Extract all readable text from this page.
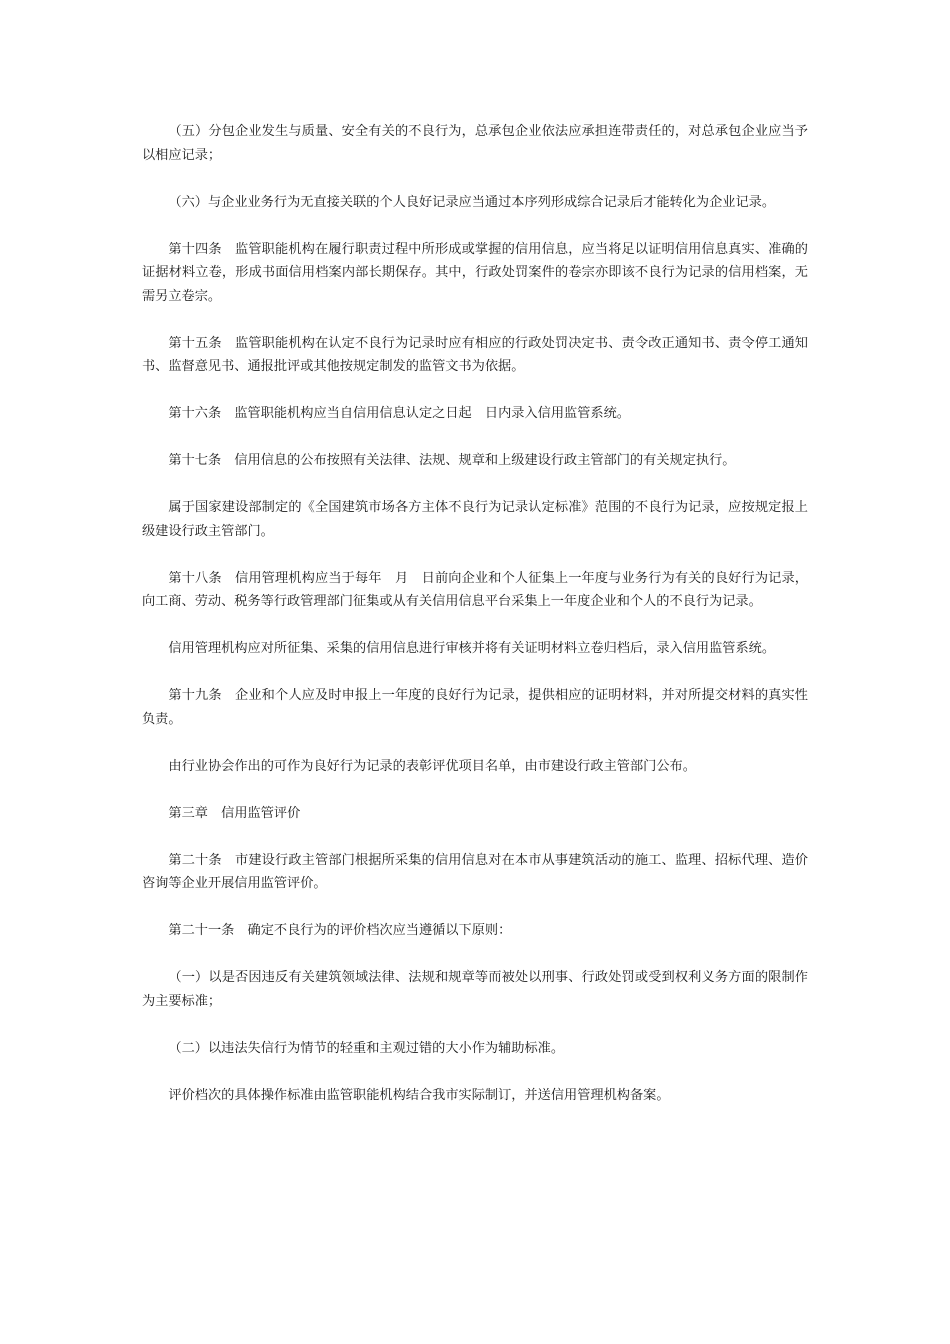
（五）分包企业发生与质量、安全有关的不良行为，总承包企业依法应承担连带责任的，对总承包企业应当予以相应记录；

（六）与企业业务行为无直接关联的个人良好记录应当通过本序列形成综合记录后才能转化为企业记录。

第十四条　监管职能机构在履行职责过程中所形成或掌握的信用信息，应当将足以证明信用信息真实、准确的证据材料立卷，形成书面信用档案内部长期保存。其中，行政处罚案件的卷宗亦即该不良行为记录的信用档案，无需另立卷宗。

第十五条　监管职能机构在认定不良行为记录时应有相应的行政处罚决定书、责令改正通知书、责令停工通知书、监督意见书、通报批评或其他按规定制发的监管文书为依据。

第十六条　监管职能机构应当自信用信息认定之日起　日内录入信用监管系统。

第十七条　信用信息的公布按照有关法律、法规、规章和上级建设行政主管部门的有关规定执行。

属于国家建设部制定的《全国建筑市场各方主体不良行为记录认定标准》范围的不良行为记录，应按规定报上级建设行政主管部门。

第十八条　信用管理机构应当于每年　月　日前向企业和个人征集上一年度与业务行为有关的良好行为记录，向工商、劳动、税务等行政管理部门征集或从有关信用信息平台采集上一年度企业和个人的不良行为记录。

信用管理机构应对所征集、采集的信用信息进行审核并将有关证明材料立卷归档后，录入信用监管系统。

第十九条　企业和个人应及时申报上一年度的良好行为记录，提供相应的证明材料，并对所提交材料的真实性负责。

由行业协会作出的可作为良好行为记录的表彰评优项目名单，由市建设行政主管部门公布。

第三章　信用监管评价

第二十条　市建设行政主管部门根据所采集的信用信息对在本市从事建筑活动的施工、监理、招标代理、造价咨询等企业开展信用监管评价。

第二十一条　确定不良行为的评价档次应当遵循以下原则：

（一）以是否因违反有关建筑领域法律、法规和规章等而被处以刑事、行政处罚或受到权利义务方面的限制作为主要标准；

（二）以违法失信行为情节的轻重和主观过错的大小作为辅助标准。

评价档次的具体操作标准由监管职能机构结合我市实际制订，并送信用管理机构备案。
